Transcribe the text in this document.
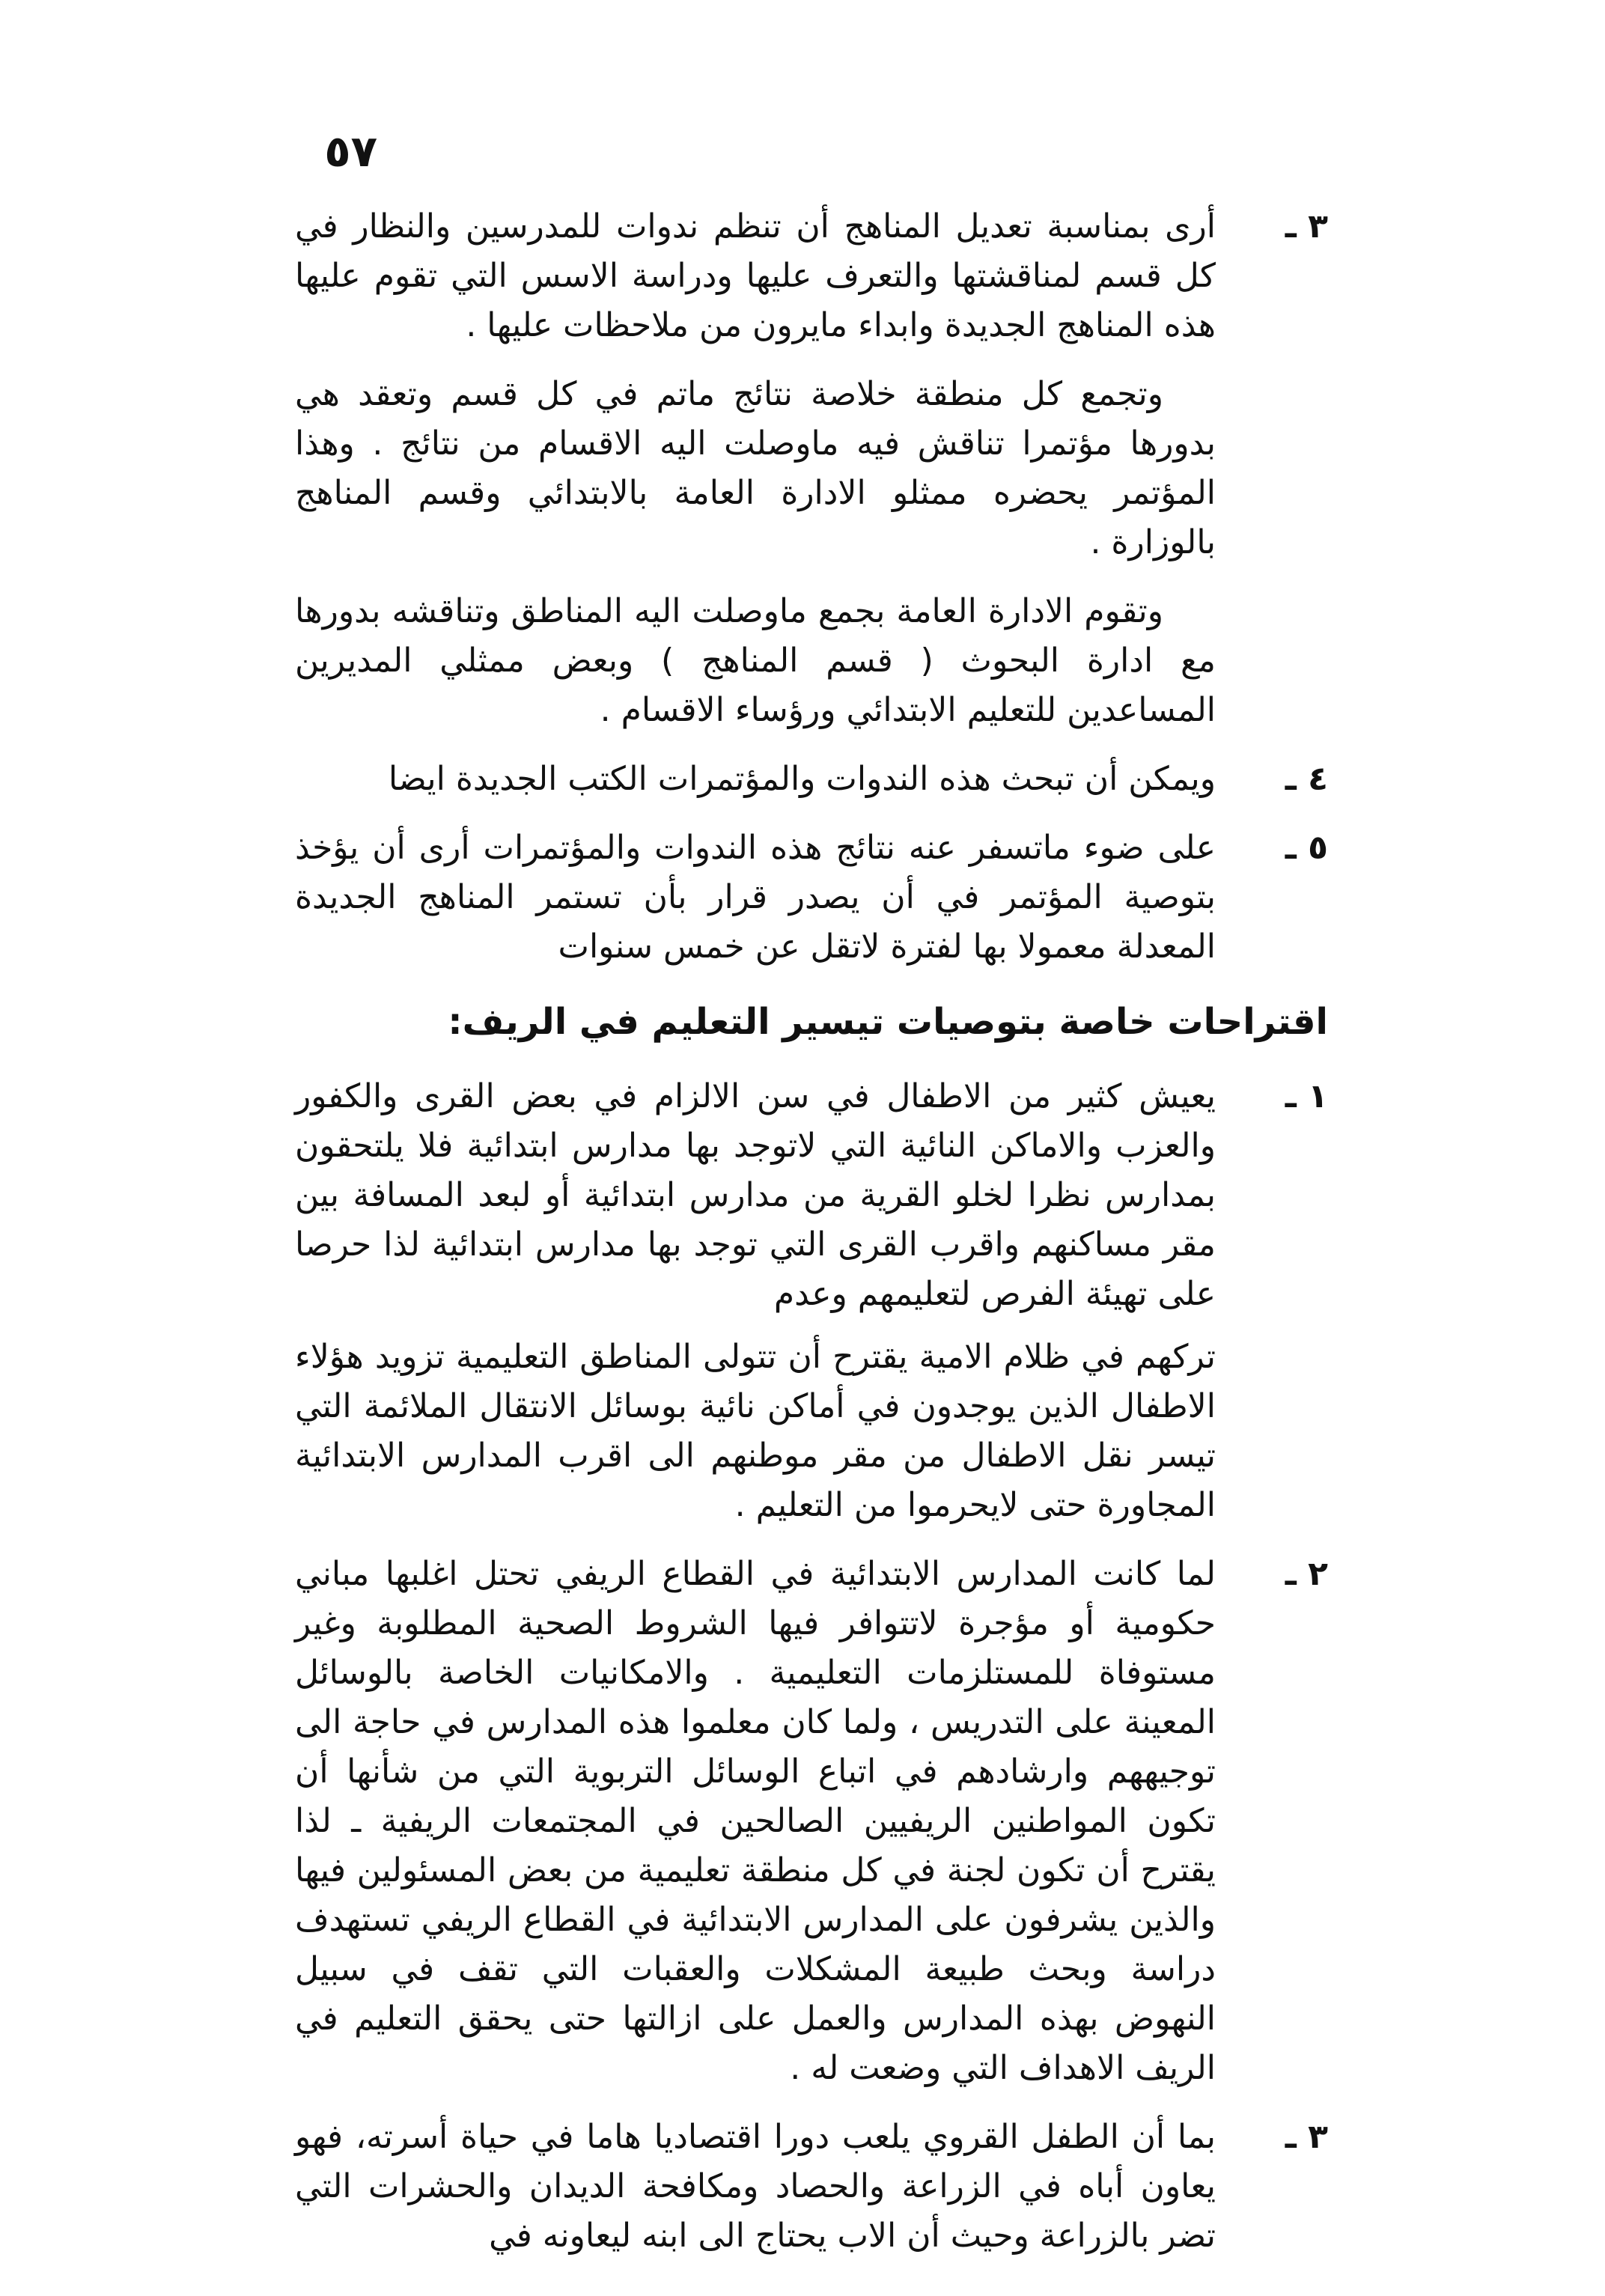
٥٧
٣ ـ
أرى بمناسبة تعديل المناهج أن تنظم ندوات للمدرسين والنظار في كل قسم لمناقشتها والتعرف عليها ودراسة الاسس التي تقوم عليها هذه المناهج الجديدة وابداء مايرون من ملاحظات عليها .

وتجمع كل منطقة خلاصة نتائج ماتم في كل قسم وتعقد هي بدورها مؤتمرا تناقش فيه ماوصلت اليه الاقسام من نتائج . وهذا المؤتمر يحضره ممثلو الادارة العامة بالابتدائي وقسم المناهج بالوزارة .

وتقوم الادارة العامة بجمع ماوصلت اليه المناطق وتناقشه بدورها مع ادارة البحوث ( قسم المناهج ) وبعض ممثلي المديرين المساعدين للتعليم الابتدائي ورؤساء الاقسام .

٤ ـ
ويمكن أن تبحث هذه الندوات والمؤتمرات الكتب الجديدة ايضا
٥ ـ
على ضوء ماتسفر عنه نتائج هذه الندوات والمؤتمرات أرى أن يؤخذ بتوصية المؤتمر في أن يصدر قرار بأن تستمر المناهج الجديدة المعدلة معمولا بها لفترة لاتقل عن خمس سنوات
اقتراحات خاصة بتوصيات تيسير التعليم في الريف:
١ ـ

يعيش كثير من الاطفال في سن الالزام في بعض القرى والكفور والعزب والاماكن النائية التي لاتوجد بها مدارس ابتدائية فلا يلتحقون بمدارس نظرا لخلو القرية من مدارس ابتدائية أو لبعد المسافة بين مقر مساكنهم واقرب القرى التي توجد بها مدارس ابتدائية لذا حرصا على تهيئة الفرص لتعليمهم وعدم

تركهم في ظلام الامية يقترح أن تتولى المناطق التعليمية تزويد هؤلاء الاطفال الذين يوجدون في أماكن نائية بوسائل الانتقال الملائمة التي تيسر نقل الاطفال من مقر موطنهم الى اقرب المدارس الابتدائية المجاورة حتى لايحرموا من التعليم .

٢ ـ
لما كانت المدارس الابتدائية في القطاع الريفي تحتل اغلبها مباني حكومية أو مؤجرة لاتتوافر فيها الشروط الصحية المطلوبة وغير مستوفاة للمستلزمات التعليمية . والامكانيات الخاصة بالوسائل المعينة على التدريس ، ولما كان معلموا هذه المدارس في حاجة الى توجيههم وارشادهم في اتباع الوسائل التربوية التي من شأنها أن تكون المواطنين الريفيين الصالحين في المجتمعات الريفية ـ لذا يقترح أن تكون لجنة في كل منطقة تعليمية من بعض المسئولين فيها والذين يشرفون على المدارس الابتدائية في القطاع الريفي تستهدف دراسة وبحث طبيعة المشكلات والعقبات التي تقف في سبيل النهوض بهذه المدارس والعمل على ازالتها حتى يحقق التعليم في الريف الاهداف التي وضعت له .
٣ ـ
بما أن الطفل القروي يلعب دورا اقتصاديا هاما في حياة أسرته، فهو يعاون أباه في الزراعة والحصاد ومكافحة الديدان والحشرات التي تضر بالزراعة وحيث أن الاب يحتاج الى ابنه ليعاونه في
